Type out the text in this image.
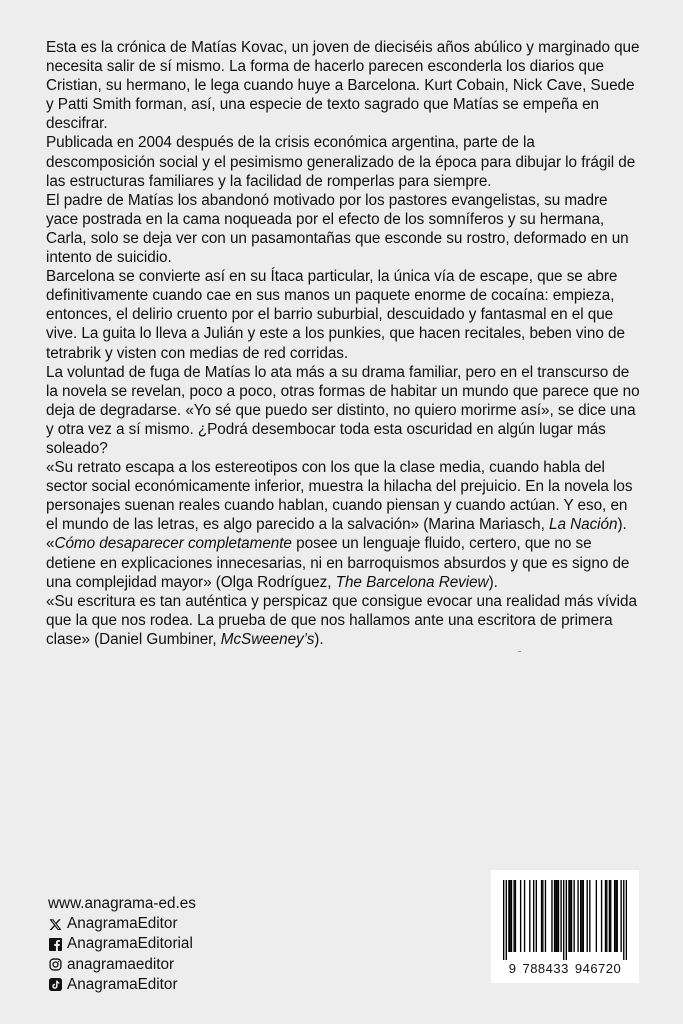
Esta es la crónica de Matías Kovac, un joven de dieciséis años abúlico y marginado que necesita salir de sí mismo. La forma de hacerlo parecen esconderla los diarios que Cristian, su hermano, le lega cuando huye a Barcelona. Kurt Cobain, Nick Cave, Suede y Patti Smith forman, así, una especie de texto sagrado que Matías se empeña en descifrar.

Publicada en 2004 después de la crisis económica argentina, parte de la descomposición social y el pesimismo generalizado de la época para dibujar lo frágil de las estructuras familiares y la facilidad de romperlas para siempre.

El padre de Matías los abandonó motivado por los pastores evangelistas, su madre yace postrada en la cama noqueada por el efecto de los somníferos y su hermana, Carla, solo se deja ver con un pasamontañas que esconde su rostro, deformado en un intento de suicidio.

Barcelona se convierte así en su Ítaca particular, la única vía de escape, que se abre definitivamente cuando cae en sus manos un paquete enorme de cocaína: empieza, entonces, el delirio cruento por el barrio suburbial, descuidado y fantasmal en el que vive. La guita lo lleva a Julián y este a los punkies, que hacen recitales, beben vino de tetrabrik y visten con medias de red corridas.

La voluntad de fuga de Matías lo ata más a su drama familiar, pero en el transcurso de la novela se revelan, poco a poco, otras formas de habitar un mundo que parece que no deja de degradarse. «Yo sé que puedo ser distinto, no quiero morirme así», se dice una y otra vez a sí mismo. ¿Podrá desembocar toda esta oscuridad en algún lugar más soleado?

«Su retrato escapa a los estereotipos con los que la clase media, cuando habla del sector social económicamente inferior, muestra la hilacha del prejuicio. En la novela los personajes suenan reales cuando hablan, cuando piensan y cuando actúan. Y eso, en el mundo de las letras, es algo parecido a la salvación» (Marina Mariasch, La Nación).

«Cómo desaparecer completamente posee un lenguaje fluido, certero, que no se detiene en explicaciones innecesarias, ni en barroquismos absurdos y que es signo de una complejidad mayor» (Olga Rodríguez, The Barcelona Review).

«Su escritura es tan auténtica y perspicaz que consigue evocar una realidad más vívida que la que nos rodea. La prueba de que nos hallamos ante una escritora de primera clase» (Daniel Gumbiner, McSweeney’s).

www.anagrama-ed.es
AnagramaEditor
AnagramaEditorial
anagramaeditor
AnagramaEditor
9 788433 946720
